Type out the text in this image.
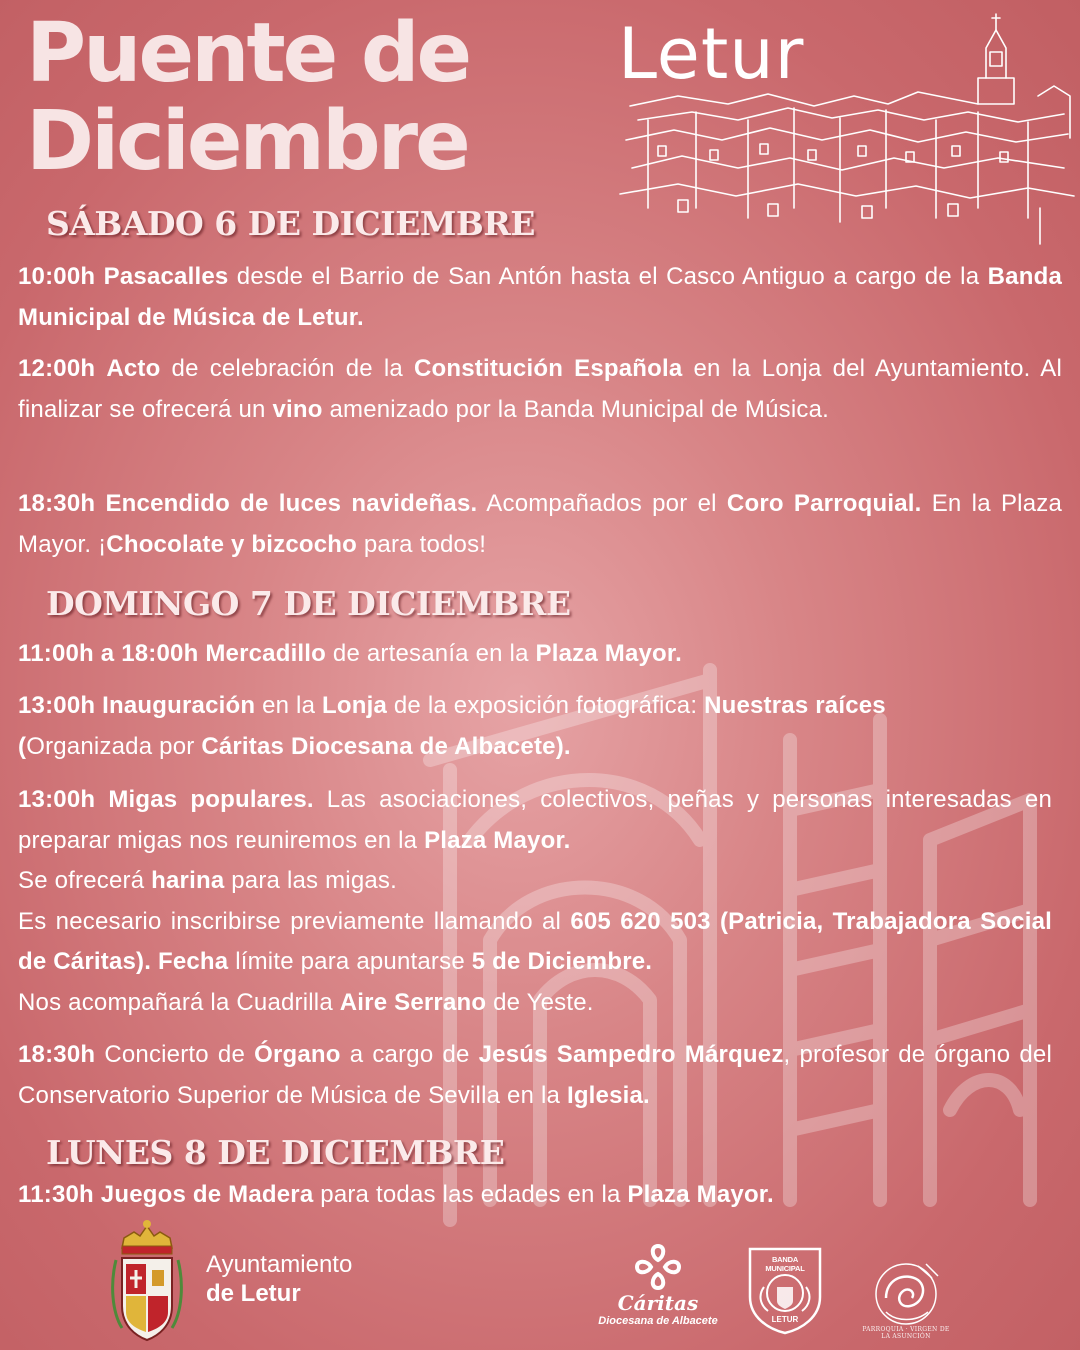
Puente de
Diciembre
Letur
SÁBADO 6 DE DICIEMBRE

10:00h Pasacalles desde el Barrio de San Antón hasta el Casco Antiguo a cargo de la Banda Municipal de Música de Letur.

12:00h Acto de celebración de la Constitución Española en la Lonja del Ayuntamiento. Al finalizar se ofrecerá un vino amenizado por la Banda Municipal de Música.

18:30h Encendido de luces navideñas. Acompañados por el Coro Parroquial. En la Plaza Mayor. ¡Chocolate y bizcocho para todos!

DOMINGO 7 DE DICIEMBRE

11:00h a 18:00h Mercadillo de artesanía en la Plaza Mayor.

13:00h Inauguración en la Lonja de la exposición fotográfica: Nuestras raíces
(Organizada por Cáritas Diocesana de Albacete).

13:00h Migas populares. Las asociaciones, colectivos, peñas y personas interesadas en preparar migas nos reuniremos en la Plaza Mayor.
Se ofrecerá harina para las migas.
Es necesario inscribirse previamente llamando al 605 620 503 (Patricia, Trabajadora Social de Cáritas). Fecha límite para apuntarse 5 de Diciembre.
Nos acompañará la Cuadrilla Aire Serrano de Yeste.

18:30h Concierto de Órgano a cargo de Jesús Sampedro Márquez, profesor de órgano del Conservatorio Superior de Música de Sevilla en la Iglesia.

LUNES 8 DE DICIEMBRE

11:30h Juegos de Madera para todas las edades en la Plaza Mayor.

Ayuntamiento
de Letur	Cáritas
Diocesana de Albacete
BANDA MUNICIPAL
LETUR
PARROQUIA · VIRGEN DE LA ASUNCIÓN
